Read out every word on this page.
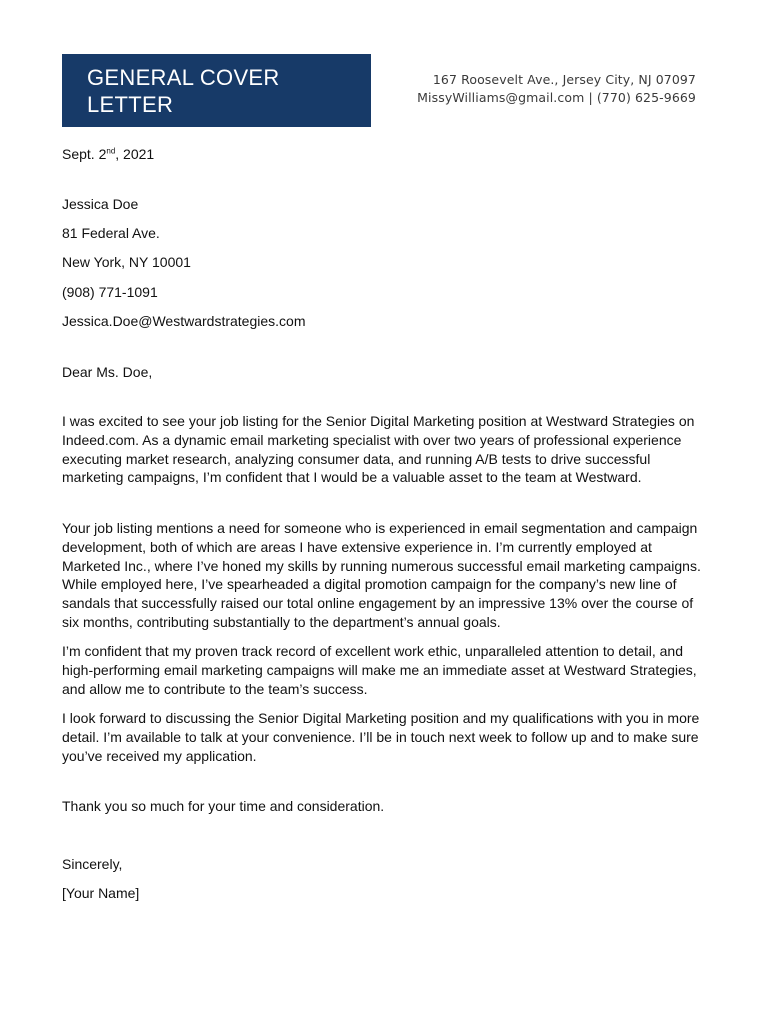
GENERAL COVER
LETTER
167 Roosevelt Ave., Jersey City, NJ 07097
MissyWilliams@gmail.com | (770) 625-9669
Sept. 2nd, 2021
Jessica Doe
81 Federal Ave.
New York, NY 10001
(908) 771-1091
Jessica.Doe@Westwardstrategies.com
Dear Ms. Doe,
I was excited to see your job listing for the Senior Digital Marketing position at Westward Strategies on
Indeed.com. As a dynamic email marketing specialist with over two years of professional experience
executing market research, analyzing consumer data, and running A/B tests to drive successful
marketing campaigns, I’m confident that I would be a valuable asset to the team at Westward.
Your job listing mentions a need for someone who is experienced in email segmentation and campaign
development, both of which are areas I have extensive experience in. I’m currently employed at
Marketed Inc., where I’ve honed my skills by running numerous successful email marketing campaigns.
While employed here, I’ve spearheaded a digital promotion campaign for the company’s new line of
sandals that successfully raised our total online engagement by an impressive 13% over the course of
six months, contributing substantially to the department’s annual goals.
I’m confident that my proven track record of excellent work ethic, unparalleled attention to detail, and
high-performing email marketing campaigns will make me an immediate asset at Westward Strategies,
and allow me to contribute to the team’s success.
I look forward to discussing the Senior Digital Marketing position and my qualifications with you in more
detail. I’m available to talk at your convenience. I’ll be in touch next week to follow up and to make sure
you’ve received my application.
Thank you so much for your time and consideration.
Sincerely,
[Your Name]
